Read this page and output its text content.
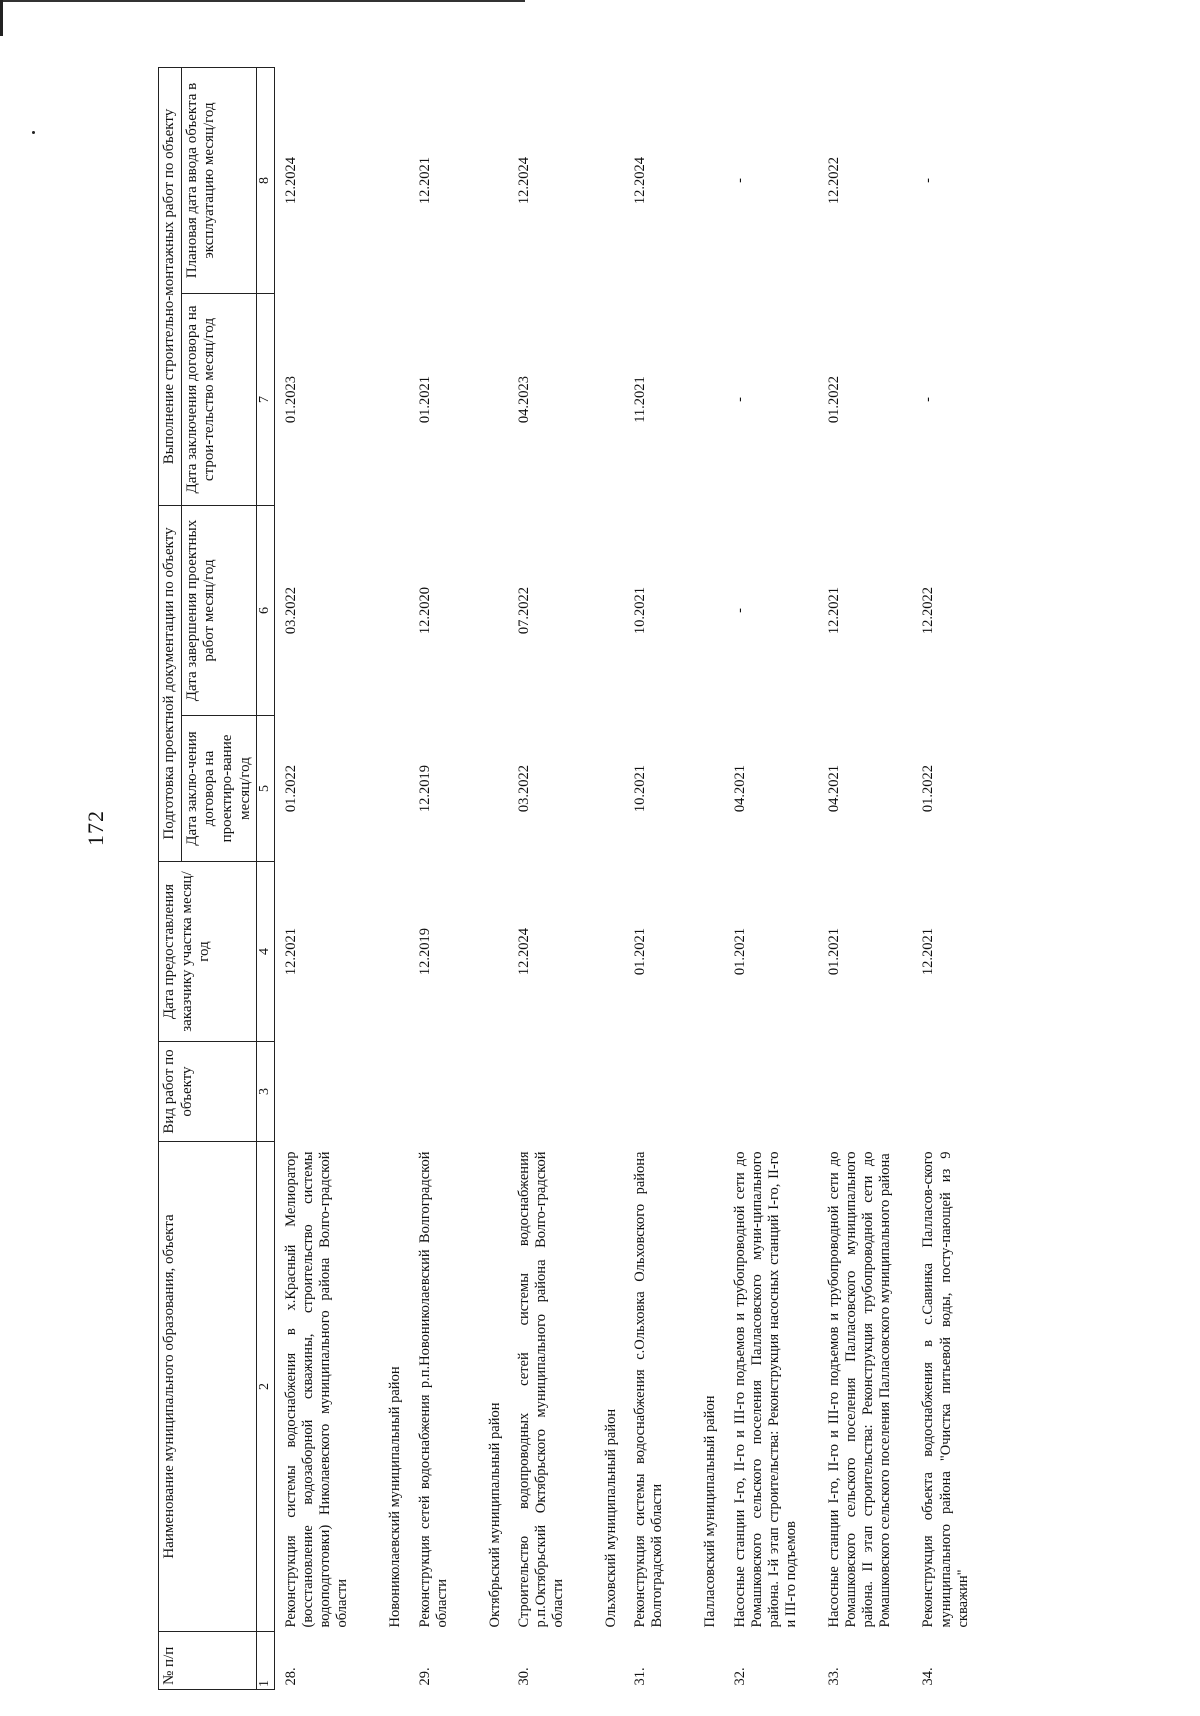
172
№ п/п	Наименование муниципального образования, объекта	Вид работ по объекту	Дата предоставления заказчику участка месяц/год	Подготовка проектной документации по объекту		Выполнение строительно-монтажных работ по объекту	
				Дата заклю-чения договора на проектиро-вание месяц/год	Дата завершения проектных работ месяц/год	Дата заключения договора на строи-тельство месяц/год	Плановая дата ввода объекта в эксплуатацию месяц/год
1	2	3	4	5	6	7	8
28.	Реконструкция системы водоснабжения в х.Красный Мелиоратор (восстановление водозаборной скважины, строительство системы водоподготовки) Николаевского муниципального района Волго-градской области		12.2021	01.2022	03.2022	01.2023	12.2024
	Новониколаевский муниципальный район						
29.	Реконструкция сетей водоснабжения р.п.Новониколаевский Волгоградской области		12.2019	12.2019	12.2020	01.2021	12.2021
	Октябрьский муниципальный район						
30.	Строительство водопроводных сетей системы водоснабжения р.п.Октябрьский Октябрьского муниципального района Волго-градской области		12.2024	03.2022	07.2022	04.2023	12.2024
	Ольховский муниципальный район						
31.	Реконструкция системы водоснабжения с.Ольховка Ольховского района Волгоградской области		01.2021	10.2021	10.2021	11.2021	12.2024
	Палласовский муниципальный район						
32.	Насосные станции I-го, II-го и III-го подъемов и трубопроводной сети до Ромашковского сельского поселения Палласовского муни-ципального района. I-й этап строительства: Реконструкция насосных станций I-го, II-го и III-го подъемов		01.2021	04.2021	-	-	-
33.	Насосные станции I-го, II-го и III-го подъемов и трубопроводной сети до Ромашковского сельского поселения Палласовского муниципального района. II этап строительства: Реконструкция трубопроводной сети до Ромашковского сельского поселения Палласовского муниципального района		01.2021	04.2021	12.2021	01.2022	12.2022
34.	Реконструкция объекта водоснабжения в с.Савинка Палласов-ского муниципального района "Очистка питьевой воды, посту-пающей из 9 скважин"		12.2021	01.2022	12.2022	-	-
